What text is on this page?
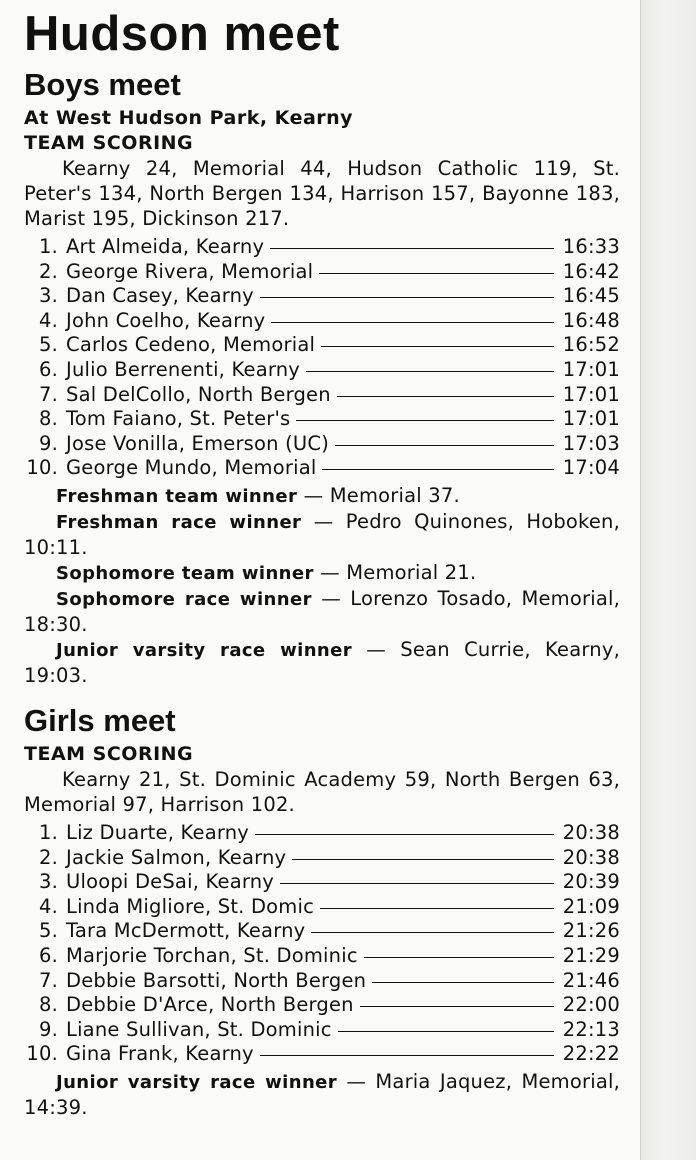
Hudson meet
Boys meet
At West Hudson Park, Kearny
TEAM SCORING

Kearny 24, Memorial 44, Hudson Catholic 119, St. Peter's 134, North Bergen 134, Harrison 157, Bayonne 183, Marist 195, Dickinson 217.

1. Art Almeida, Kearny	16:33
2. George Rivera, Memorial	16:42
3. Dan Casey, Kearny	16:45
4. John Coelho, Kearny	16:48
5. Carlos Cedeno, Memorial	16:52
6. Julio Berrenenti, Kearny	17:01
7. Sal DelCollo, North Bergen	17:01
8. Tom Faiano, St. Peter's	17:01
9. Jose Vonilla, Emerson (UC)	17:03
10. George Mundo, Memorial	17:04

Freshman team winner — Memorial 37.

Freshman race winner — Pedro Quinones, Hoboken, 10:11.

Sophomore team winner — Memorial 21.

Sophomore race winner — Lorenzo Tosado, Memorial, 18:30.

Junior varsity race winner — Sean Currie, Kearny, 19:03.

Girls meet
TEAM SCORING

Kearny 21, St. Dominic Academy 59, North Bergen 63, Memorial 97, Harrison 102.

1. Liz Duarte, Kearny	20:38
2. Jackie Salmon, Kearny	20:38
3. Uloopi DeSai, Kearny	20:39
4. Linda Migliore, St. Domic	21:09
5. Tara McDermott, Kearny	21:26
6. Marjorie Torchan, St. Dominic	21:29
7. Debbie Barsotti, North Bergen	21:46
8. Debbie D'Arce, North Bergen	22:00
9. Liane Sullivan, St. Dominic	22:13
10. Gina Frank, Kearny	22:22

Junior varsity race winner — Maria Jaquez, Memorial, 14:39.
